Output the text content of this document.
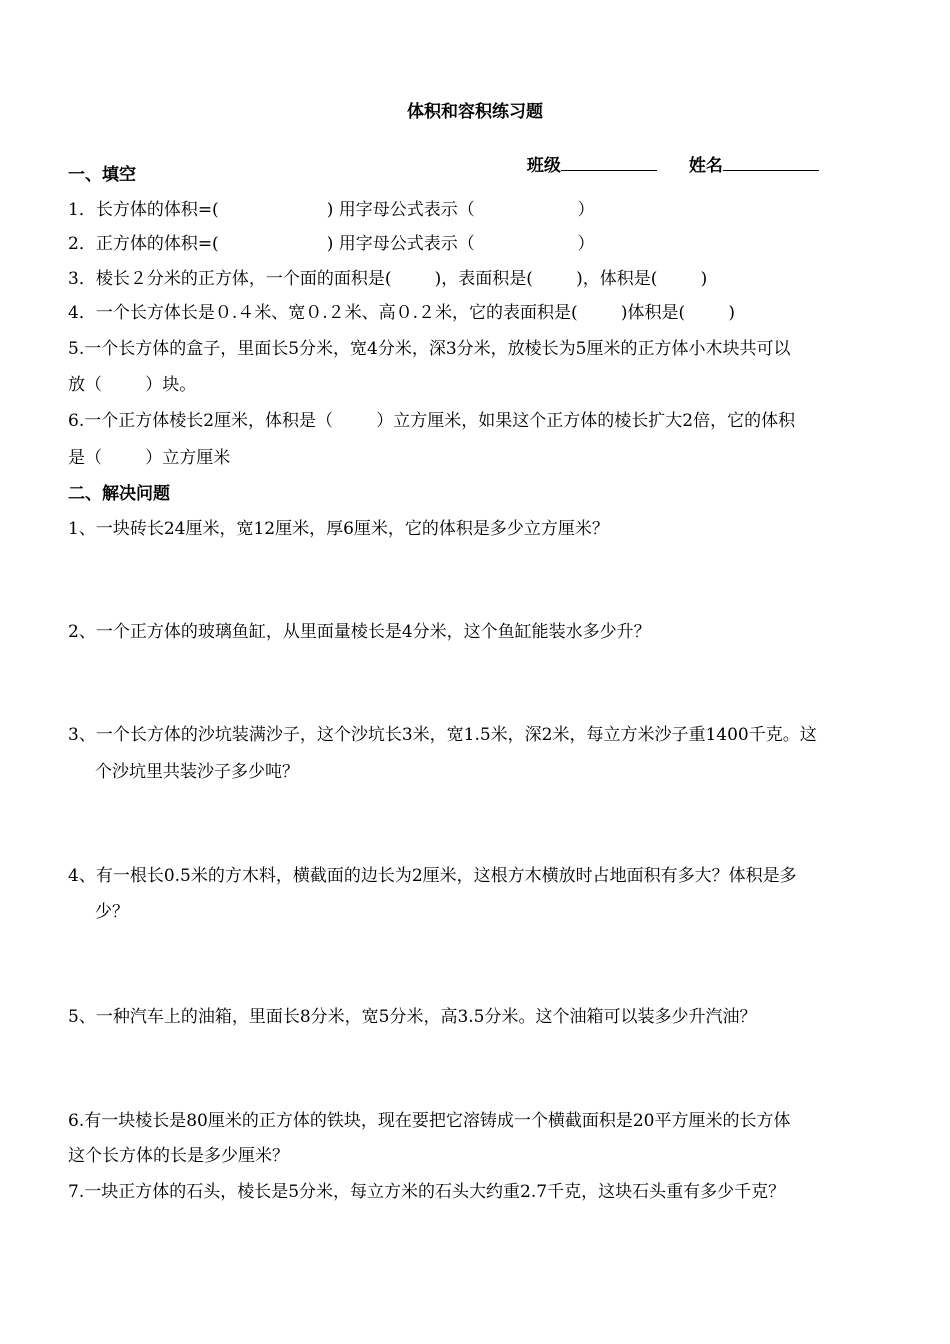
体积和容积练习题

班级	姓名

一、填空
1．长方体的体积=(                    ) 用字母公式表示（                   ）
2．正方体的体积=(                    ) 用字母公式表示（                   ）
3．棱长２分米的正方体，一个面的面积是(        )，表面积是(        )，体积是(        )
4．一个长方体长是０.４米、宽０.２米、高０.２米，它的表面积是(        )体积是(        )
5.一个长方体的盒子，里面长5分米，宽4分米，深3分米，放棱长为5厘米的正方体小木块共可以
放（        ）块。
6.一个正方体棱长2厘米，体积是（        ）立方厘米，如果这个正方体的棱长扩大2倍，它的体积
是（        ）立方厘米
二、解决问题
1、一块砖长24厘米，宽12厘米，厚6厘米，它的体积是多少立方厘米？
2、一个正方体的玻璃鱼缸，从里面量棱长是4分米，这个鱼缸能装水多少升？
3、一个长方体的沙坑装满沙子，这个沙坑长3米，宽1.5米，深2米，每立方米沙子重1400千克。这
个沙坑里共装沙子多少吨？
4、有一根长0.5米的方木料，横截面的边长为2厘米，这根方木横放时占地面积有多大？体积是多
少？
5、一种汽车上的油箱，里面长8分米，宽5分米，高3.5分米。这个油箱可以装多少升汽油？
6.有一块棱长是80厘米的正方体的铁块，现在要把它溶铸成一个横截面积是20平方厘米的长方体
这个长方体的长是多少厘米？
7.一块正方体的石头，棱长是5分米，每立方米的石头大约重2.7千克，这块石头重有多少千克？
